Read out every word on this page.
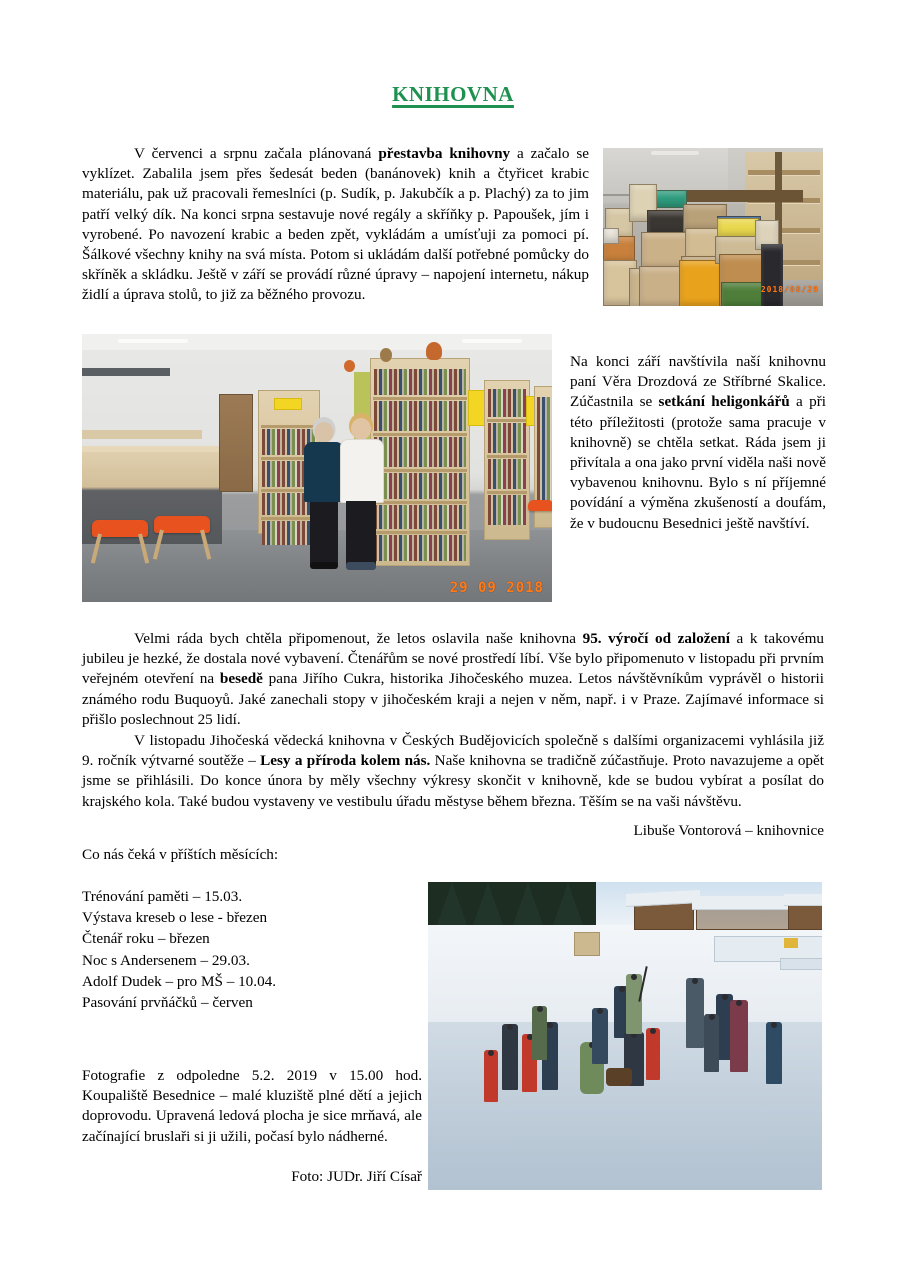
KNIHOVNA
2018/08/29
V červenci a srpnu začala plánovaná přestavba knihovny a začalo se vyklízet. Zabalila jsem přes šedesát beden (banánovek) knih a čtyřicet krabic materiálu, pak už pracovali řemeslníci (p. Sudík, p. Jakubčík a p. Plachý) za to jim patří velký dík. Na konci srpna sestavuje nové regály a skříňky p. Papoušek, jím i vyrobené. Po navození krabic a beden zpět, vykládám a umísťuji za pomoci pí. Šálkové všechny knihy na svá místa. Potom si ukládám další potřebné pomůcky do skříněk a skládku. Ještě v září se provádí různé úpravy – napojení internetu, nákup židlí a úprava stolů, to již za běžného provozu.
29 09 2018
Na konci září navštívila naší knihovnu paní Věra Drozdová ze Stříbrné Skalice. Zúčastnila se setkání heligonkářů a při této příležitosti (protože sama pracuje v knihovně) se chtěla setkat. Ráda jsem ji přivítala a ona jako první viděla naši nově vybavenou knihovnu. Bylo s ní příjemné povídání a výměna zkušeností a doufám, že v budoucnu Besednici ještě navštíví.
Velmi ráda bych chtěla připomenout, že letos oslavila naše knihovna 95. výročí od založení a k takovému jubileu je hezké, že dostala nové vybavení. Čtenářům se nové prostředí líbí. Vše bylo připomenuto v listopadu při prvním veřejném otevření na besedě pana Jiřího Cukra, historika Jihočeského muzea. Letos návštěvníkům vyprávěl o historii známého rodu Buquoyů. Jaké zanechali stopy v jihočeském kraji a nejen v něm, např. i v Praze. Zajímavé informace si přišlo poslechnout 25 lidí.
V listopadu Jihočeská vědecká knihovna v Českých Budějovicích společně s dalšími organizacemi vyhlásila již 9. ročník výtvarné soutěže – Lesy a příroda kolem nás. Naše knihovna se tradičně zúčastňuje. Proto navazujeme a opět jsme se přihlásili. Do konce února by měly všechny výkresy skončit v knihovně, kde se budou vybírat a posílat do krajského kola. Také budou vystaveny ve vestibulu úřadu městyse během března. Těším se na vaši návštěvu.
Libuše Vontorová – knihovnice
Co nás čeká v příštích měsících:
Trénování paměti – 15.03.
Výstava kreseb o lese - březen
Čtenář roku – březen
Noc s Andersenem – 29.03.
Adolf Dudek – pro MŠ – 10.04.
Pasování prvňáčků – červen
Fotografie z odpoledne 5.2. 2019 v 15.00 hod. Koupaliště Besednice – malé kluziště plné dětí a jejich doprovodu. Upravená ledová plocha je sice mrňavá, ale začínající bruslaři si ji užili, počasí bylo nádherné.
Foto: JUDr. Jiří Císař
